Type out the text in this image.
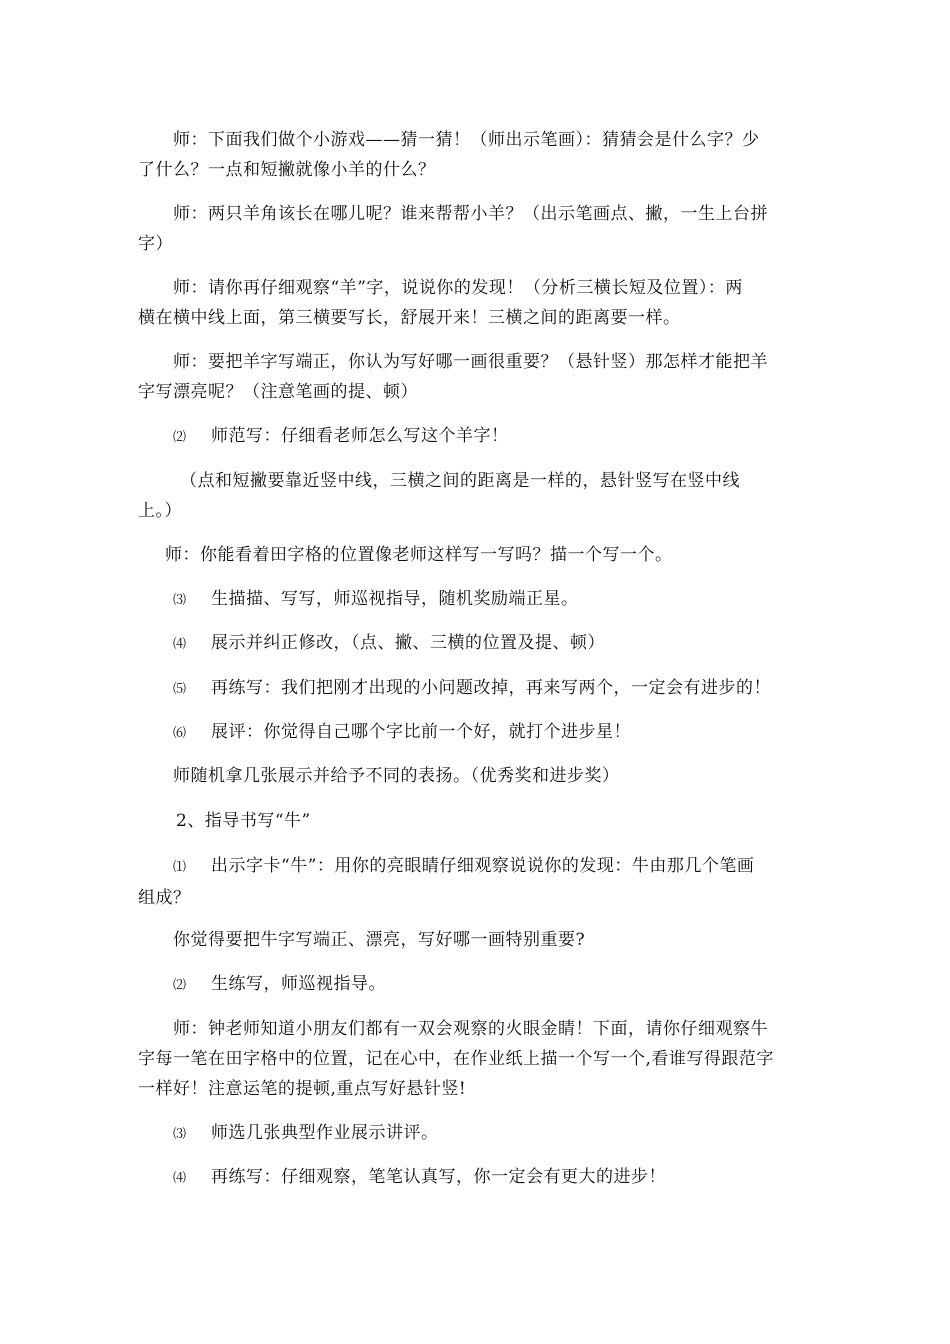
师：下面我们做个小游戏——猜一猜！（师出示笔画）：猜猜会是什么字？少
了什么？一点和短撇就像小羊的什么？
师：两只羊角该长在哪儿呢？谁来帮帮小羊？（出示笔画点、撇，一生上台拼
字）
师：请你再仔细观察“羊”字，说说你的发现！（分析三横长短及位置）：两
横在横中线上面，第三横要写长，舒展开来！三横之间的距离要一样。
师：要把羊字写端正，你认为写好哪一画很重要？（悬针竖）那怎样才能把羊
字写漂亮呢？（注意笔画的提、顿）
⑵ 师范写：仔细看老师怎么写这个羊字！
（点和短撇要靠近竖中线，三横之间的距离是一样的，悬针竖写在竖中线
上。）
师：你能看着田字格的位置像老师这样写一写吗？描一个写一个。
⑶ 生描描、写写，师巡视指导，随机奖励端正星。
⑷ 展示并纠正修改，（点、撇、三横的位置及提、顿）
⑸ 再练写：我们把刚才出现的小问题改掉，再来写两个，一定会有进步的！
⑹ 展评：你觉得自己哪个字比前一个好，就打个进步星！
师随机拿几张展示并给予不同的表扬。（优秀奖和进步奖）
2、指导书写“牛”
⑴ 出示字卡“牛”：用你的亮眼睛仔细观察说说你的发现：牛由那几个笔画
组成？
你觉得要把牛字写端正、漂亮，写好哪一画特别重要?
⑵ 生练写，师巡视指导。
师：钟老师知道小朋友们都有一双会观察的火眼金睛！下面，请你仔细观察牛
字每一笔在田字格中的位置，记在心中，在作业纸上描一个写一个,看谁写得跟范字
一样好！注意运笔的提顿,重点写好悬针竖!
⑶ 师选几张典型作业展示讲评。
⑷ 再练写：仔细观察，笔笔认真写，你一定会有更大的进步！
